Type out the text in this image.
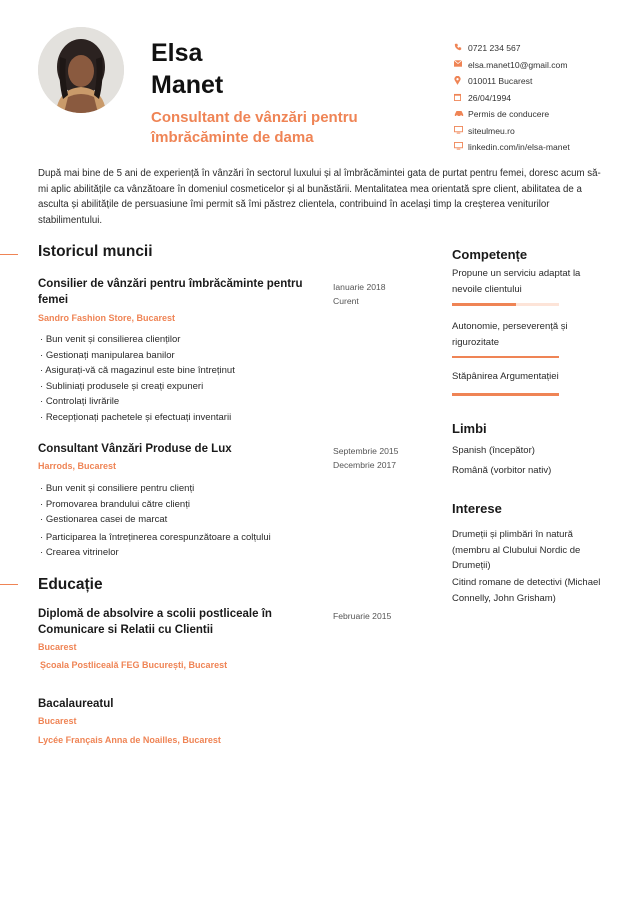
Elsa
Manet
Consultant de vânzări pentru îmbrăcăminte de dama
0721 234 567
elsa.manet10@gmail.com
010011 Bucarest
26/04/1994
Permis de conducere
siteulmeu.ro
linkedin.com/in/elsa-manet
După mai bine de 5 ani de experiență în vânzări în sectorul luxului și al îmbrăcămintei gata de purtat pentru femei, doresc acum să-mi aplic abilitățile ca vânzătoare în domeniul cosmeticelor și al bunăstării. Mentalitatea mea orientată spre client, abilitatea de a asculta și abilitățile de persuasiune îmi permit să îmi păstrez clientela, contribuind în același timp la creșterea veniturilor stabilimentului.
Istoricul muncii
Consilier de vânzări pentru îmbrăcăminte pentru femei
Sandro Fashion Store, Bucarest
Ianuarie 2018
Curent
· Bun venit și consilierea clienților
· Gestionați manipularea banilor
· Asigurați-vă că magazinul este bine întreținut
· Subliniați produsele și creați expuneri
· Controlați livrările
· Recepționați pachetele și efectuați inventarii
Consultant Vânzări Produse de Lux
Harrods, Bucarest
Septembrie 2015
Decembrie 2017
· Bun venit și consiliere pentru clienți
· Promovarea brandului către clienți
· Gestionarea casei de marcat
· Participarea la întreținerea corespunzătoare a colțului
· Crearea vitrinelor
Educație
Diplomă de absolvire a scolii postliceale în Comunicare si Relatii cu Clientii
Bucarest
Școala Postliceală FEG București, Bucarest
Februarie 2015
Bacalaureatul
Bucarest
Lycée Français Anna de Noailles, Bucarest
Competențe
Propune un serviciu adaptat la nevoile clientului
Autonomie, perseverență și rigurozitate
Stăpânirea Argumentației
Limbi
Spanish (începător)
Română (vorbitor nativ)
Interese
Drumeții și plimbări în natură (membru al Clubului Nordic de Drumeții)
Citind romane de detectivi (Michael Connelly, John Grisham)
